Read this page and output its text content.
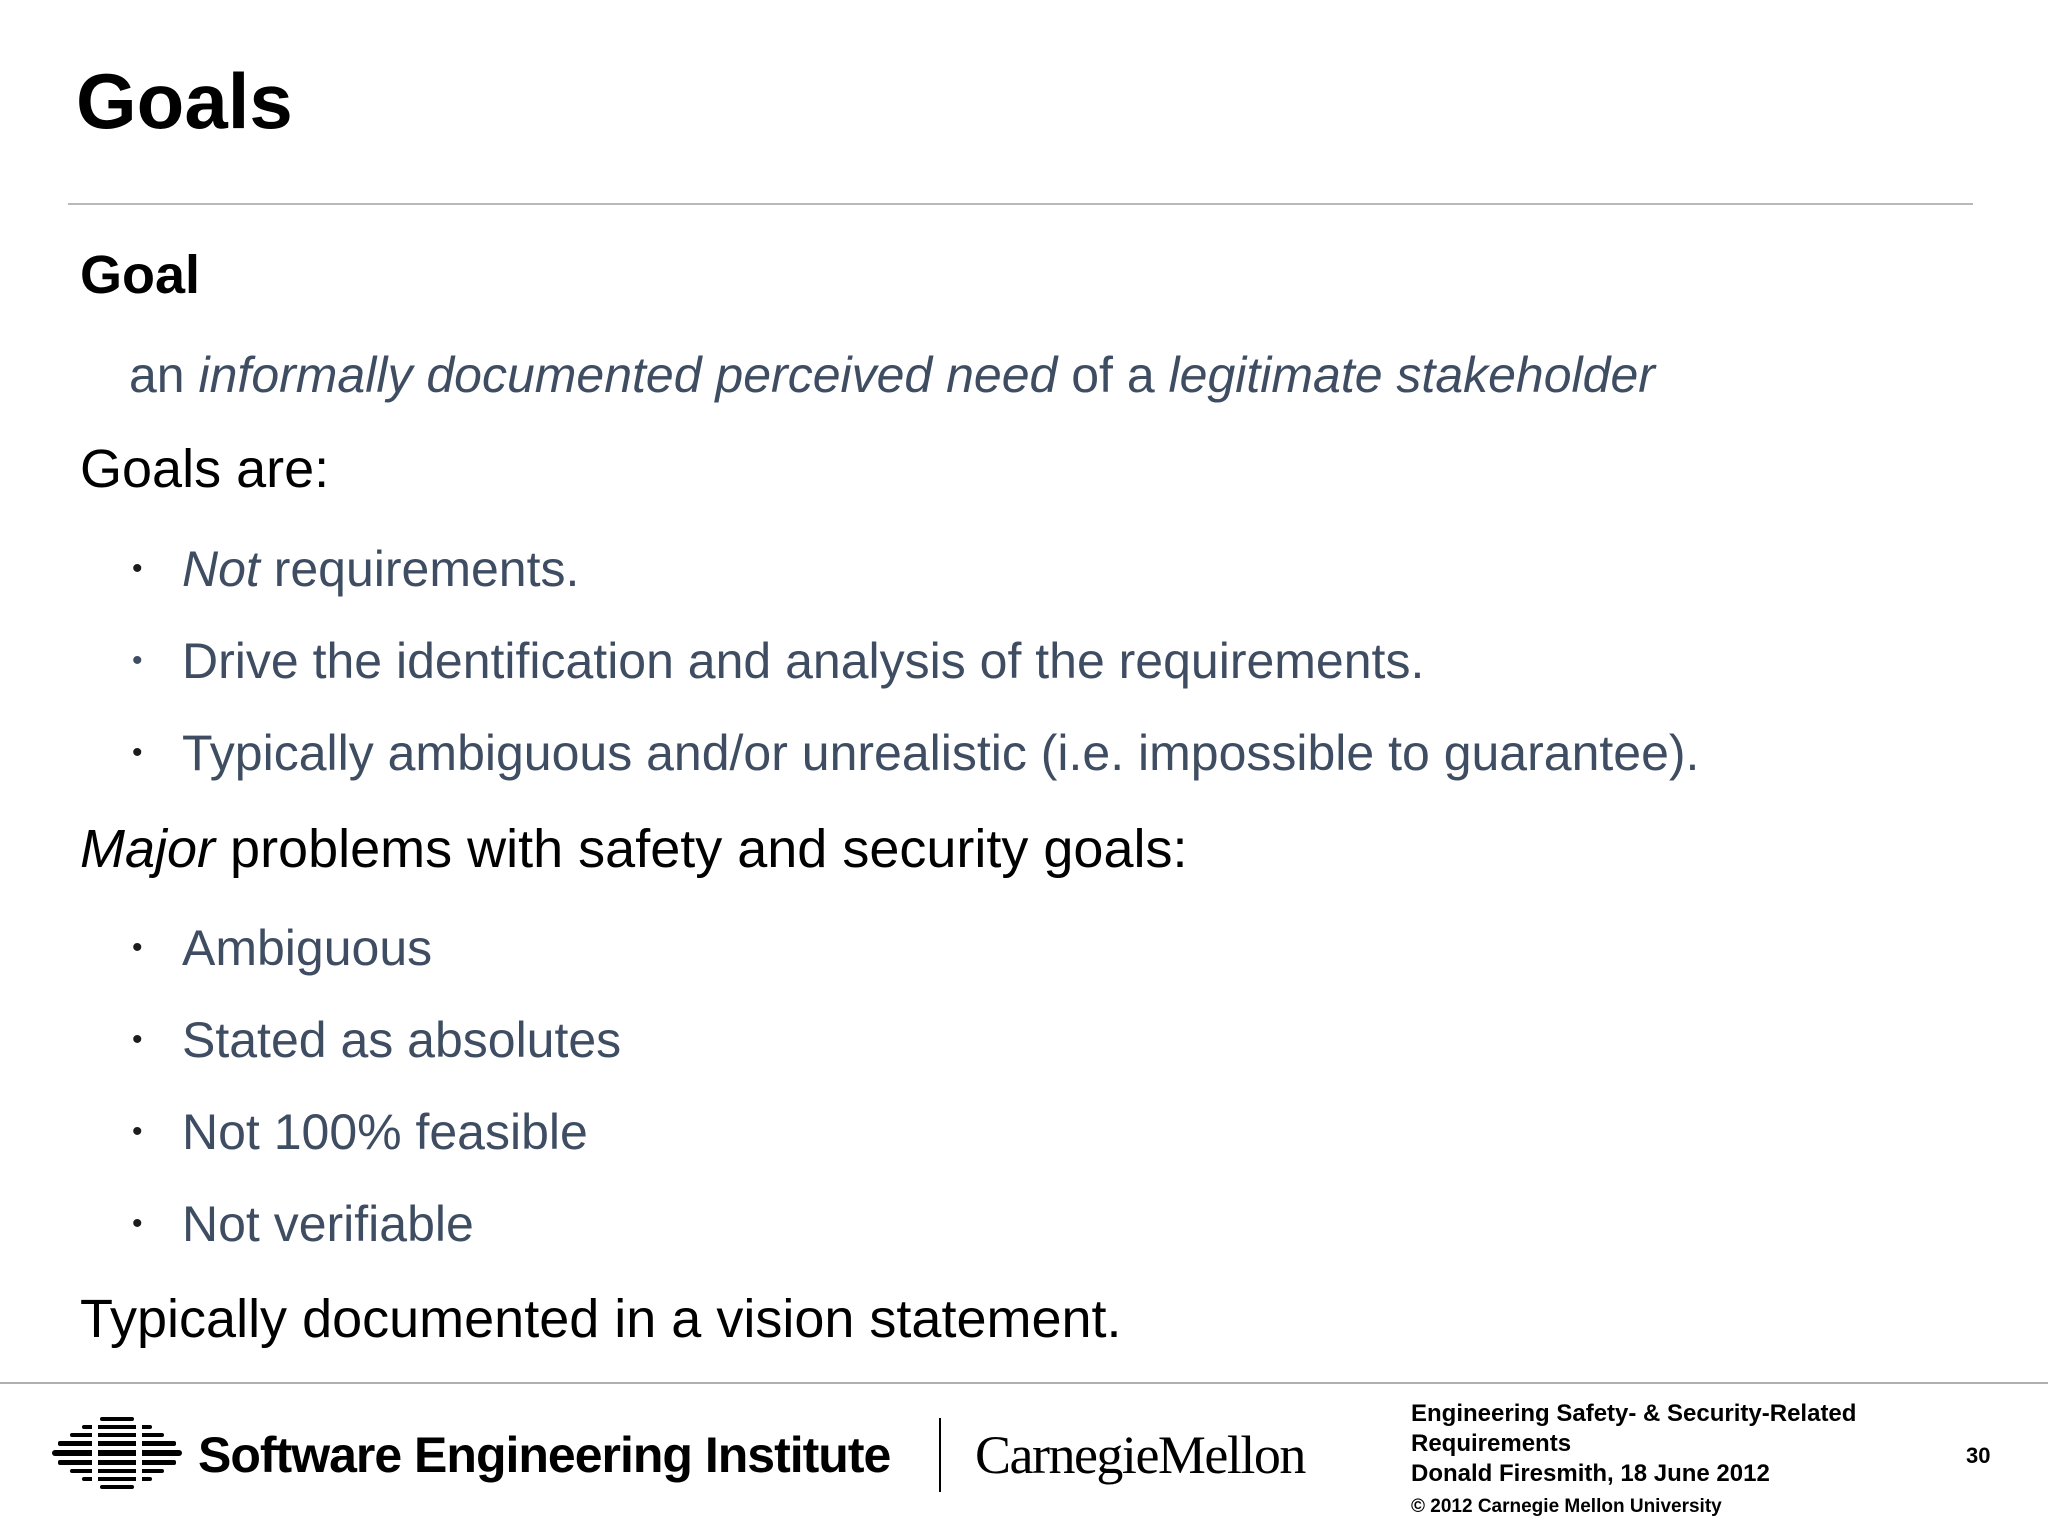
Goals
Goal
an informally documented perceived need of a legitimate stakeholder
Goals are:
• Not requirements.
• Drive the identification and analysis of the requirements.
• Typically ambiguous and/or unrealistic (i.e. impossible to guarantee).
Major problems with safety and security goals:
• Ambiguous
• Stated as absolutes
• Not 100% feasible
• Not verifiable
Typically documented in a vision statement.
Software Engineering Institute CarnegieMellon
Engineering Safety- & Security-Related
Requirements
Donald Firesmith, 18 June 2012
© 2012 Carnegie Mellon University
30
